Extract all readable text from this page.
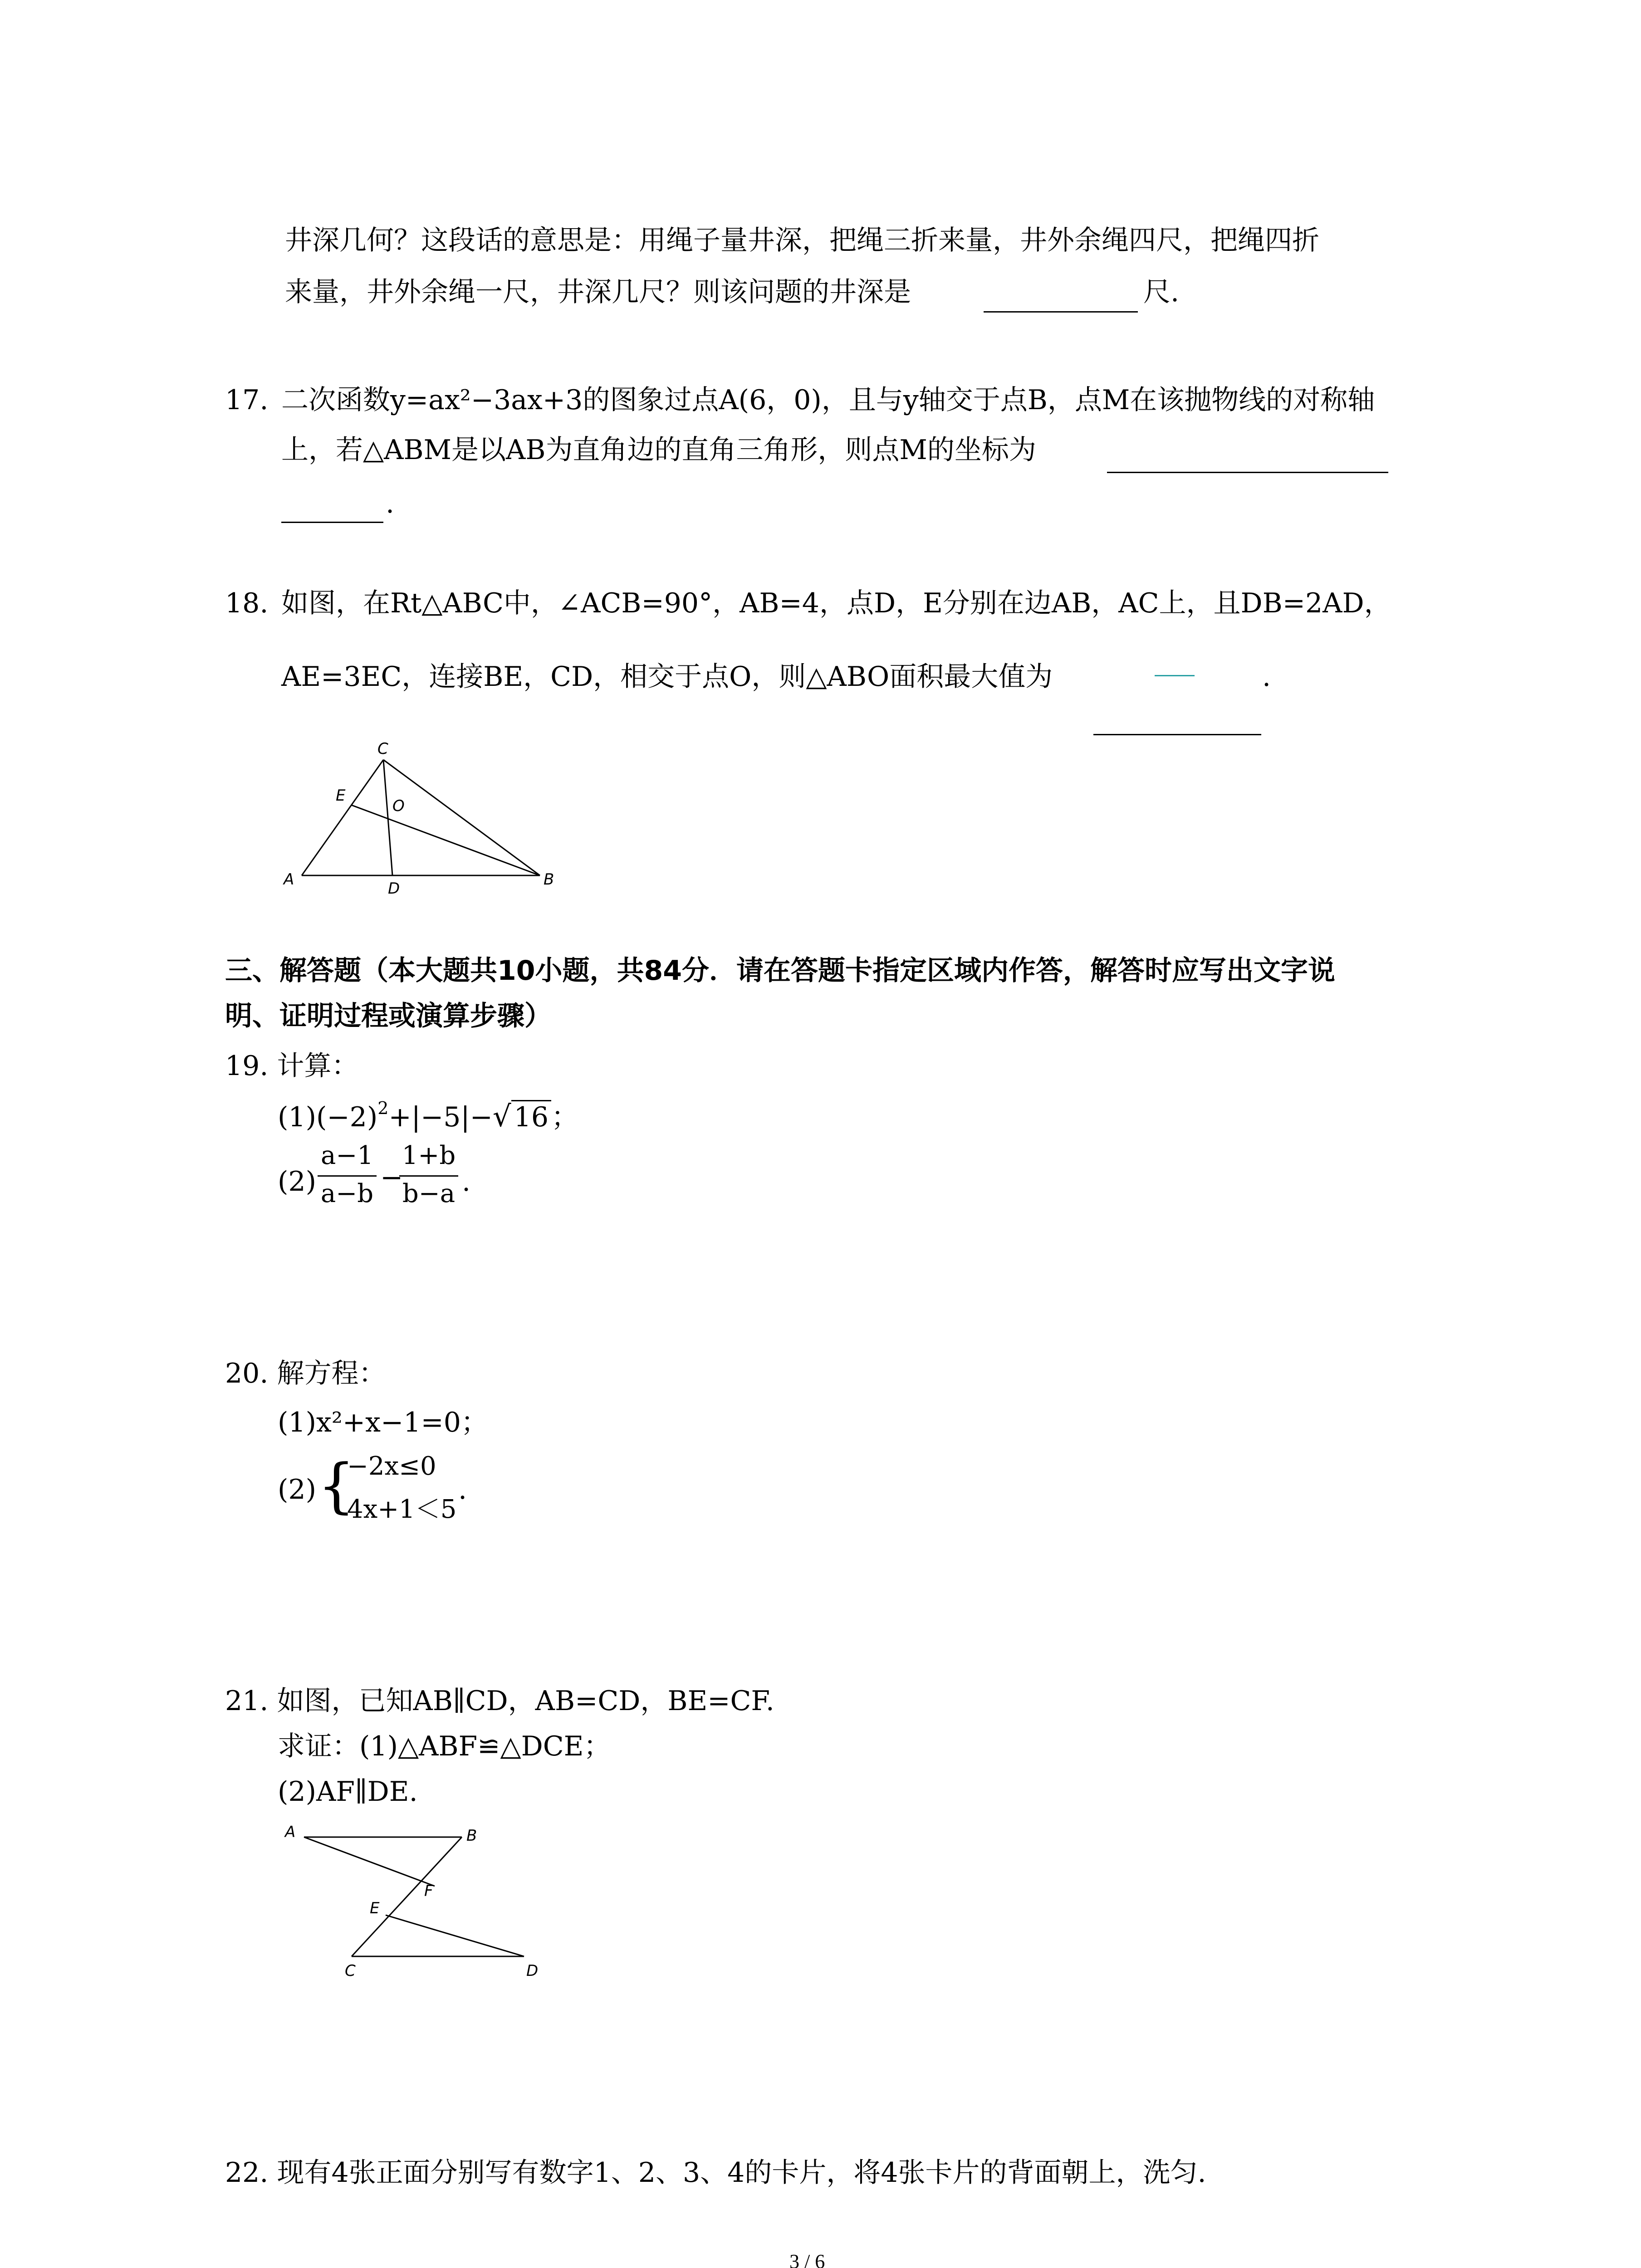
井深几何？这段话的意思是：用绳子量井深，把绳三折来量，井外余绳四尺，把绳四折
来量，井外余绳一尺，井深几尺？则该问题的井深是	尺.
17. 二次函数y=ax²−3ax+3的图象过点A(6，0)，且与y轴交于点B，点M在该抛物线的对称轴
上，若△ABM是以AB为直角边的直角三角形，则点M的坐标为
.
18. 如图，在Rt△ABC中，∠ACB=90°，AB=4，点D，E分别在边AB，AC上，且DB=2AD，
AE=3EC，连接BE，CD，相交于点O，则△ABO面积最大值为	.
C
E
O
A	D	B
三、解答题（本大题共10小题，共84分．请在答题卡指定区域内作答，解答时应写出文字说
明、证明过程或演算步骤）
19. 计算：
$(1)(-2)^2+|-5|-√$ 16 ；
(2)
a−1
a−b
−
1+b
b−a .
20. 解方程：
(1)x²+x−1=0；
(2) {
−2x≤0
4x+1＜5
.
21. 如图，已知AB∥CD，AB=CD，BE=CF.
求证：(1)△ABF≌△DCE；
(2)AF∥DE.
A	B
F
E
C	D
22. 现有4张正面分别写有数字1、2、3、4的卡片，将4张卡片的背面朝上，洗匀.
3 / 6
